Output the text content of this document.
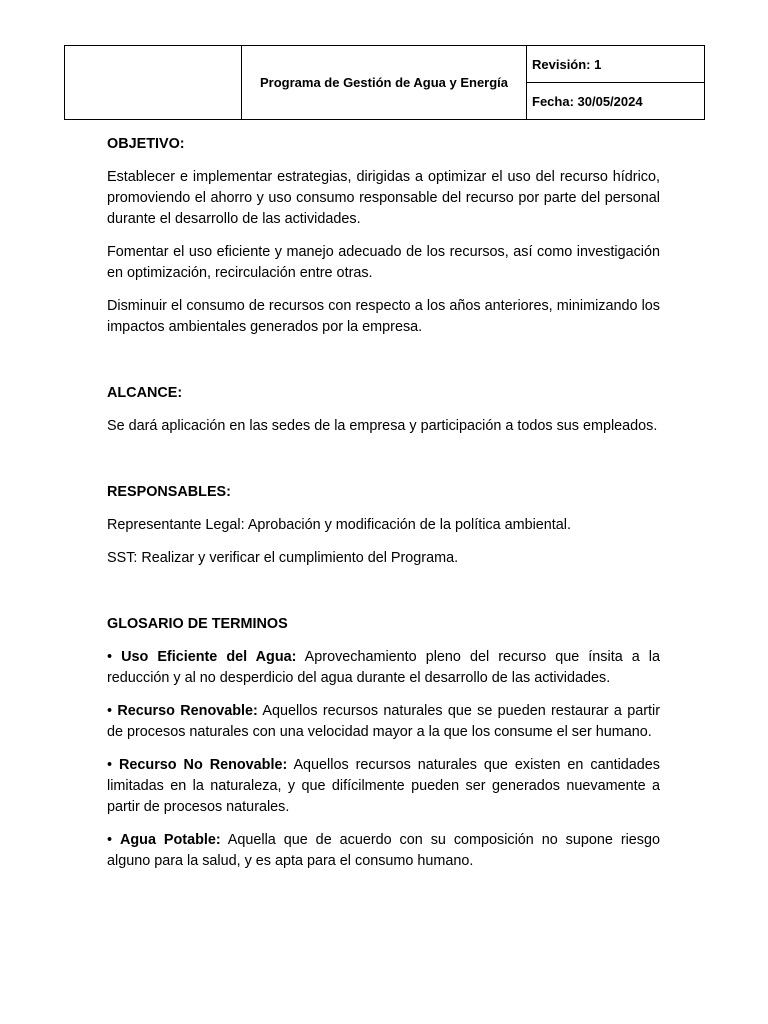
Programa de Gestión de Agua y Energía
Revisión: 1
Fecha: 30/05/2024

OBJETIVO:

Establecer e implementar estrategias, dirigidas a optimizar el uso del recurso hídrico, promoviendo el ahorro y uso consumo responsable del recurso por parte del personal durante el desarrollo de las actividades.

Fomentar el uso eficiente y manejo adecuado de los recursos, así como investigación en optimización, recirculación entre otras.

Disminuir el consumo de recursos con respecto a los años anteriores, minimizando los impactos ambientales generados por la empresa.

ALCANCE:

Se dará aplicación en las sedes de la empresa y participación a todos sus empleados.

RESPONSABLES:

Representante Legal: Aprobación y modificación de la política ambiental.

SST: Realizar y verificar el cumplimiento del Programa.

GLOSARIO DE TERMINOS

• Uso Eficiente del Agua: Aprovechamiento pleno del recurso que ínsita a la reducción y al no desperdicio del agua durante el desarrollo de las actividades.

• Recurso Renovable: Aquellos recursos naturales que se pueden restaurar a partir de procesos naturales con una velocidad mayor a la que los consume el ser humano.

• Recurso No Renovable: Aquellos recursos naturales que existen en cantidades limitadas en la naturaleza, y que difícilmente pueden ser generados nuevamente a partir de procesos naturales.

• Agua Potable: Aquella que de acuerdo con su composición no supone riesgo alguno para la salud, y es apta para el consumo humano.
